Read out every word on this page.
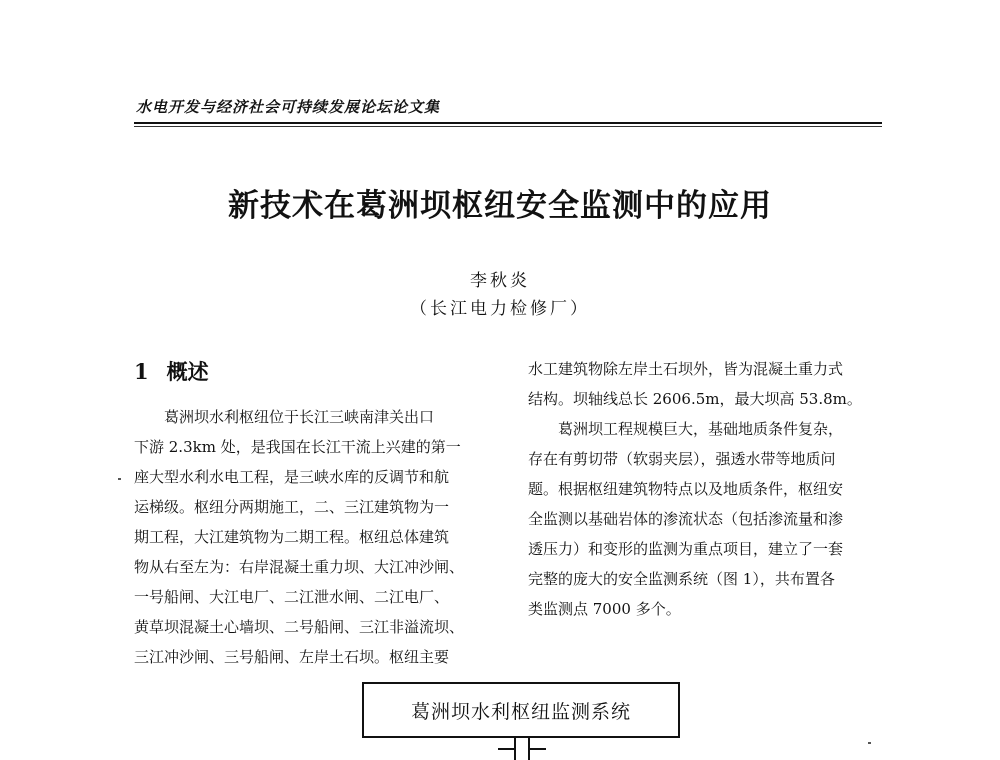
水电开发与经济社会可持续发展论坛论文集
新技术在葛洲坝枢纽安全监测中的应用
李秋炎
（长江电力检修厂）
1 概述
葛洲坝水利枢纽位于长江三峡南津关出口
下游 2.3km 处，是我国在长江干流上兴建的第一
座大型水利水电工程，是三峡水库的反调节和航
运梯级。枢纽分两期施工，二、三江建筑物为一
期工程，大江建筑物为二期工程。枢纽总体建筑
物从右至左为：右岸混凝土重力坝、大江冲沙闸、
一号船闸、大江电厂、二江泄水闸、二江电厂、
黄草坝混凝土心墙坝、二号船闸、三江非溢流坝、
三江冲沙闸、三号船闸、左岸土石坝。枢纽主要
水工建筑物除左岸土石坝外，皆为混凝土重力式
结构。坝轴线总长 2606.5m，最大坝高 53.8m。
葛洲坝工程规模巨大，基础地质条件复杂，
存在有剪切带（软弱夹层），强透水带等地质问
题。根据枢纽建筑物特点以及地质条件，枢纽安
全监测以基础岩体的渗流状态（包括渗流量和渗
透压力）和变形的监测为重点项目，建立了一套
完整的庞大的安全监测系统（图 1），共布置各
类监测点 7000 多个。
葛洲坝水利枢纽监测系统
